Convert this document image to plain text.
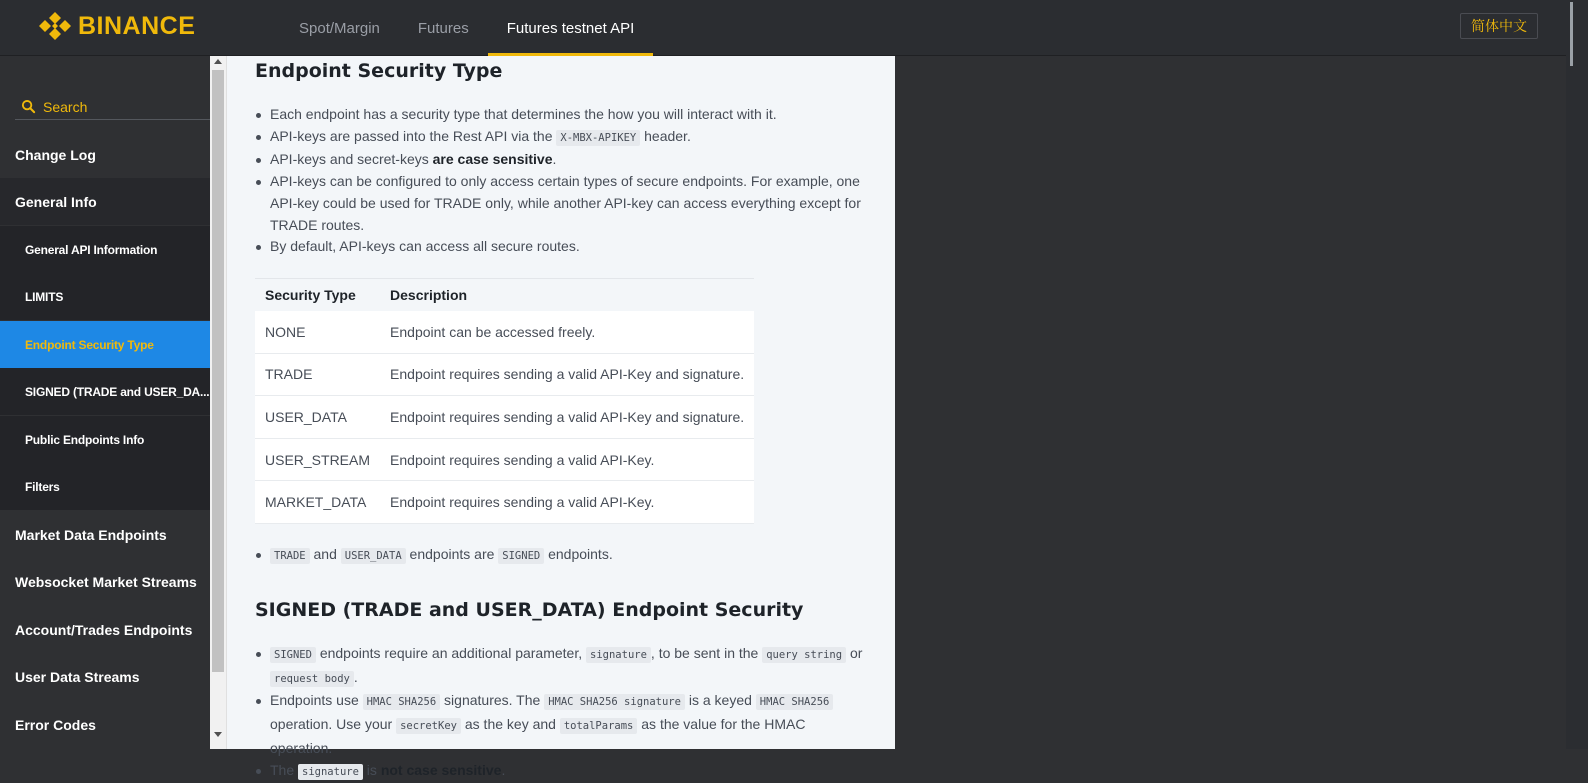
BINANCE	Spot/Margin	Futures	Futures testnet API	简体中文
Search
Change Log
General Info
General API Information
LIMITS
Endpoint Security Type
SIGNED (TRADE and USER_DA...
Public Endpoints Info
Filters
Market Data Endpoints
Websocket Market Streams
Account/Trades Endpoints
User Data Streams
Error Codes
Endpoint Security Type
Each endpoint has a security type that determines the how you will interact with it.
API-keys are passed into the Rest API via the X-MBX-APIKEY header.
API-keys and secret-keys are case sensitive.
API-keys can be configured to only access certain types of secure endpoints. For example, one API-key could be used for TRADE only, while another API-key can access everything except for TRADE routes.
By default, API-keys can access all secure routes.
Security Type	Description
NONE	Endpoint can be accessed freely.
TRADE	Endpoint requires sending a valid API-Key and signature.
USER_DATA	Endpoint requires sending a valid API-Key and signature.
USER_STREAM	Endpoint requires sending a valid API-Key.
MARKET_DATA	Endpoint requires sending a valid API-Key.
TRADE and USER_DATA endpoints are SIGNED endpoints.
SIGNED (TRADE and USER_DATA) Endpoint Security
SIGNED endpoints require an additional parameter, signature , to be sent in the query string or request body .
Endpoints use HMAC SHA256 signatures. The HMAC SHA256 signature is a keyed HMAC SHA256 operation. Use your secretKey as the key and totalParams as the value for the HMAC operation.
The signature is not case sensitive.
